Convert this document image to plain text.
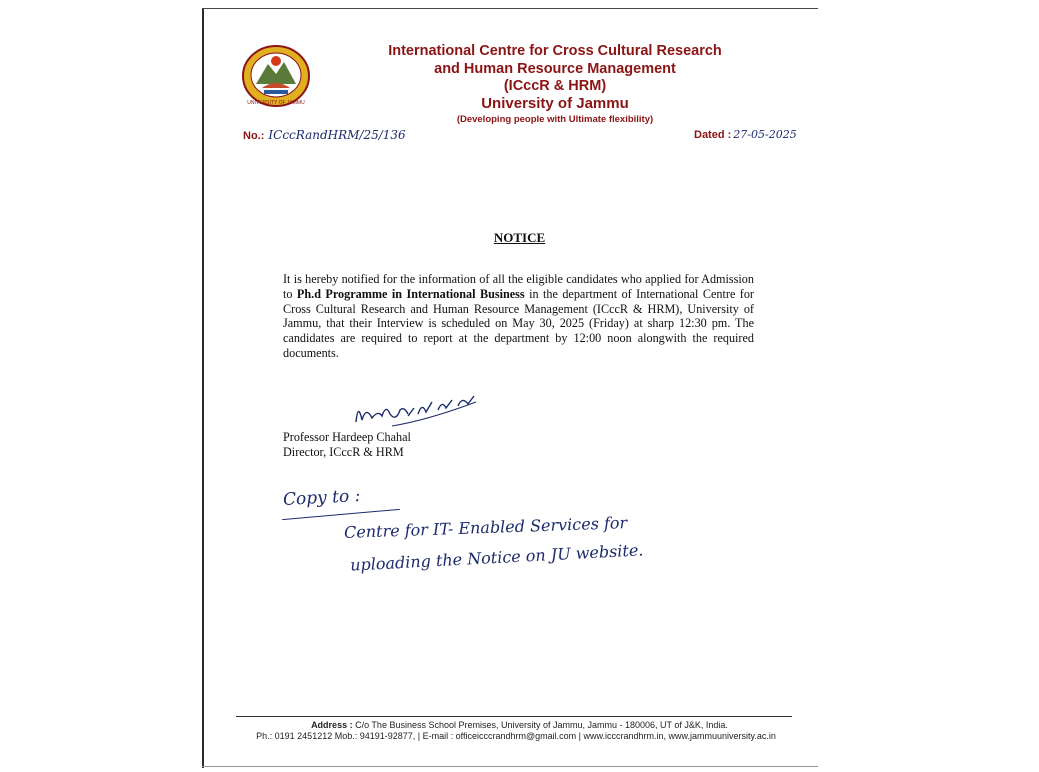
UNIVERSITY OF JAMMU
International Centre for Cross Cultural Research
and Human Resource Management
(ICccR & HRM)
University of Jammu
(Developing people with Ultimate flexibility)
No.: ICccRandHRM/25/136	Dated : 27-05-2025
NOTICE
It is hereby notified for the information of all the eligible candidates who applied for Admission to Ph.d Programme in International Business in the department of International Centre for Cross Cultural Research and Human Resource Management (ICccR & HRM), University of Jammu, that their Interview is scheduled on May 30, 2025 (Friday) at sharp 12:30 pm. The candidates are required to report at the department by 12:00 noon alongwith the required documents.
Professor Hardeep Chahal
Director, ICccR & HRM
Copy to :
Centre for IT- Enabled Services for
uploading the Notice on JU website.
Address : C/o The Business School Premises, University of Jammu, Jammu - 180006, UT of J&K, India.
Ph.: 0191 2451212 Mob.: 94191-92877, | E-mail : officeicccrandhrm@gmail.com | www.icccrandhrm.in, www.jammuuniversity.ac.in
